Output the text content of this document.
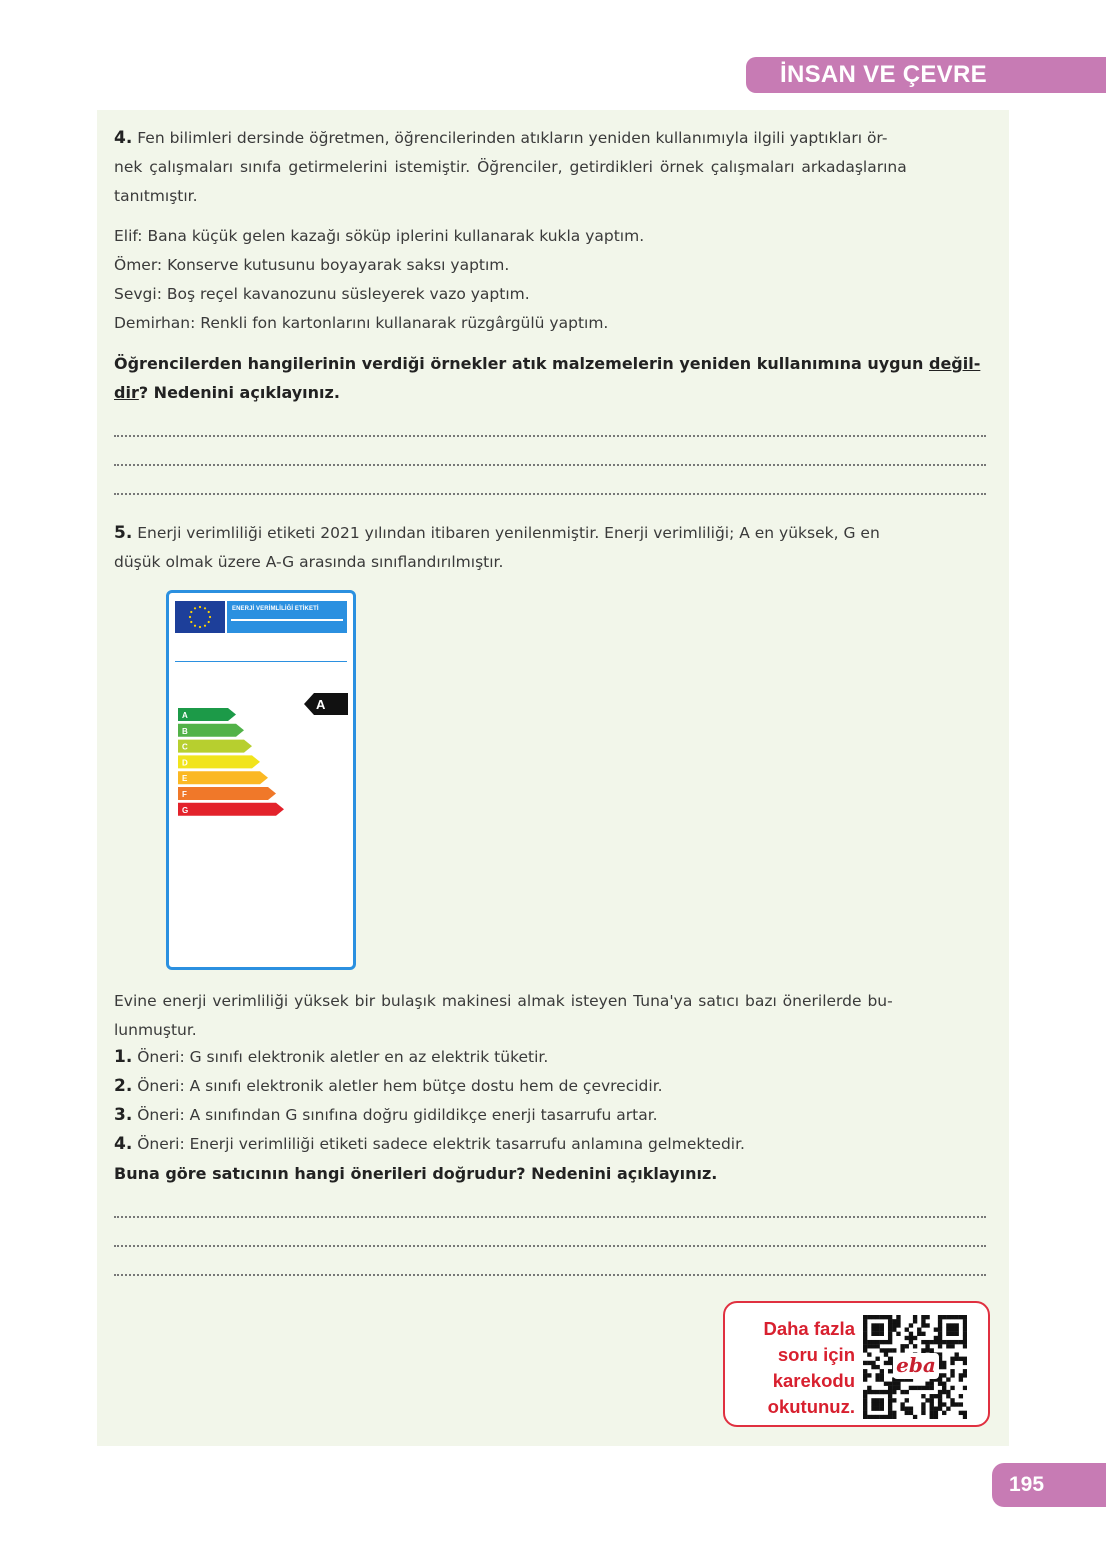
İNSAN VE ÇEVRE
4. Fen bilimleri dersinde öğretmen, öğrencilerinden atıkların yeniden kullanımıyla ilgili yaptıkları ör-
nek çalışmaları sınıfa getirmelerini istemiştir. Öğrenciler, getirdikleri örnek çalışmaları arkadaşlarına
tanıtmıştır.
Elif: Bana küçük gelen kazağı söküp iplerini kullanarak kukla yaptım.
Ömer: Konserve kutusunu boyayarak saksı yaptım.
Sevgi: Boş reçel kavanozunu süsleyerek vazo yaptım.
Demirhan: Renkli fon kartonlarını kullanarak rüzgârgülü yaptım.
Öğrencilerden hangilerinin verdiği örnekler atık malzemelerin yeniden kullanımına uygun değil-
dir? Nedenini açıklayınız.
5. Enerji verimliliği etiketi 2021 yılından itibaren yenilenmiştir. Enerji verimliliği; A en yüksek, G en
düşük olmak üzere A-G arasında sınıflandırılmıştır.
ENERJİ VERİMLİLİĞİ ETİKETİ
A
B
C
D
E
F
G
A
Evine enerji verimliliği yüksek bir bulaşık makinesi almak isteyen Tuna'ya satıcı bazı önerilerde bu-
lunmuştur.
1. Öneri: G sınıfı elektronik aletler en az elektrik tüketir.
2. Öneri: A sınıfı elektronik aletler hem bütçe dostu hem de çevrecidir.
3. Öneri: A sınıfından G sınıfına doğru gidildikçe enerji tasarrufu artar.
4. Öneri: Enerji verimliliği etiketi sadece elektrik tasarrufu anlamına gelmektedir.
Buna göre satıcının hangi önerileri doğrudur? Nedenini açıklayınız.
Daha fazla
soru için
karekodu
okutunuz.
eba
195
